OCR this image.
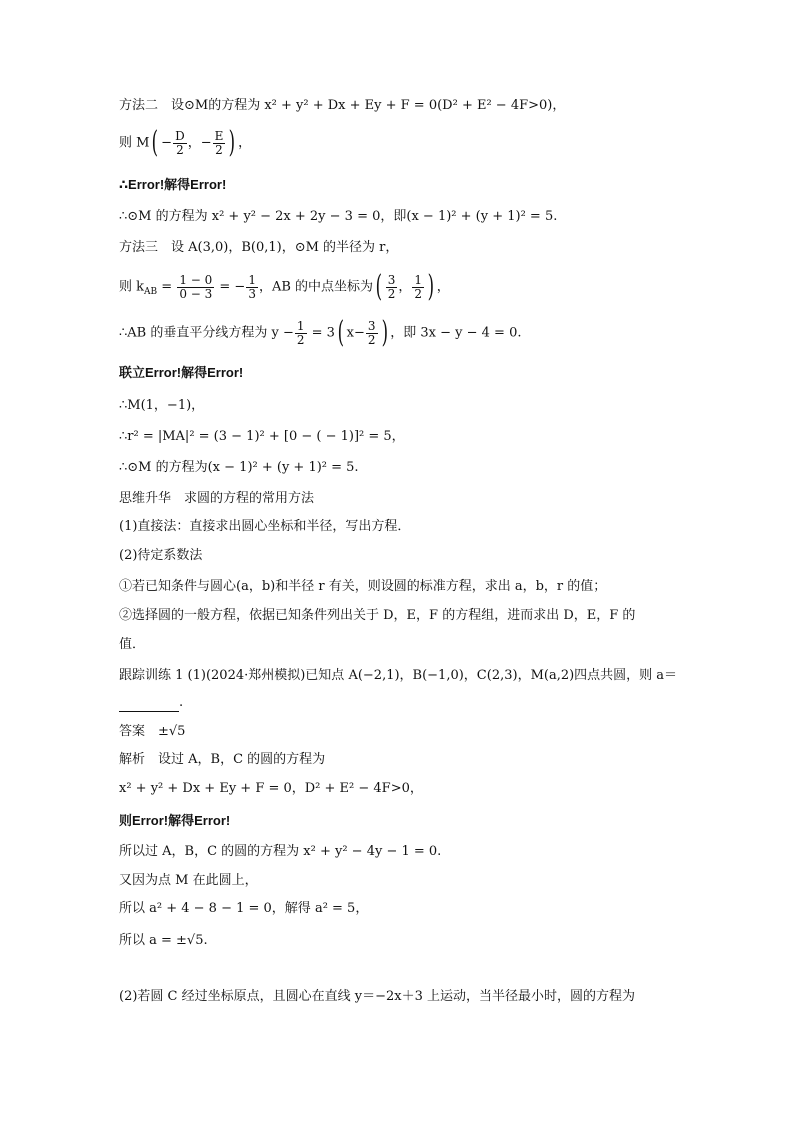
方法二　设⊙M的方程为 x² + y² + Dx + Ey + F = 0(D² + E² − 4F>0)，
则 $M( - \frac{D}{2}$ ，− $\frac{E}{2}$ ) ，
∴Error!解得Error!
∴⊙M 的方程为 x² + y² − 2x + 2y − 3 = 0，即(x − 1)² + (y + 1)² = 5.
方法三　设 A(3,0)，B(0,1)，⊙M 的半径为 r，
则 $k_{AB} = \frac{1 - 0}{0 - 3}$ = − $\frac{1}{3}$ ，AB 的中点坐标为( $\frac{3}{2}$ ， $\frac{1}{2}$ ) ，
∴AB 的垂直平分线方程为 $y - \frac{1}{2} = 3$( $x- \frac{3}{2}$ ) ，即 3x − y − 4 = 0.
联立Error!解得Error!
∴M(1，−1)，
∴r² = |MA|² = (3 − 1)² + [0 − ( − 1)]² = 5，
∴⊙M 的方程为(x − 1)² + (y + 1)² = 5.
思维升华　求圆的方程的常用方法
(1)直接法：直接求出圆心坐标和半径，写出方程．
(2)待定系数法
①若已知条件与圆心(a，b)和半径 r 有关，则设圆的标准方程，求出 a，b，r 的值；
②选择圆的一般方程，依据已知条件列出关于 D，E，F 的方程组，进而求出 D，E，F 的
值．
跟踪训练 1 (1)(2024·郑州模拟)已知点 A(−2,1)，B(−1,0)，C(2,3)，M(a,2)四点共圆，则 a＝
.
答案　±√5
解析　设过 A，B，C 的圆的方程为
x² + y² + Dx + Ey + F = 0，D² + E² − 4F>0，
则Error!解得Error!
所以过 A，B，C 的圆的方程为 x² + y² − 4y − 1 = 0.
又因为点 M 在此圆上，
所以 a² + 4 − 8 − 1 = 0，解得 a² = 5，
所以 a = ±√5.
(2)若圆 C 经过坐标原点，且圆心在直线 y＝−2x＋3 上运动，当半径最小时，圆的方程为
